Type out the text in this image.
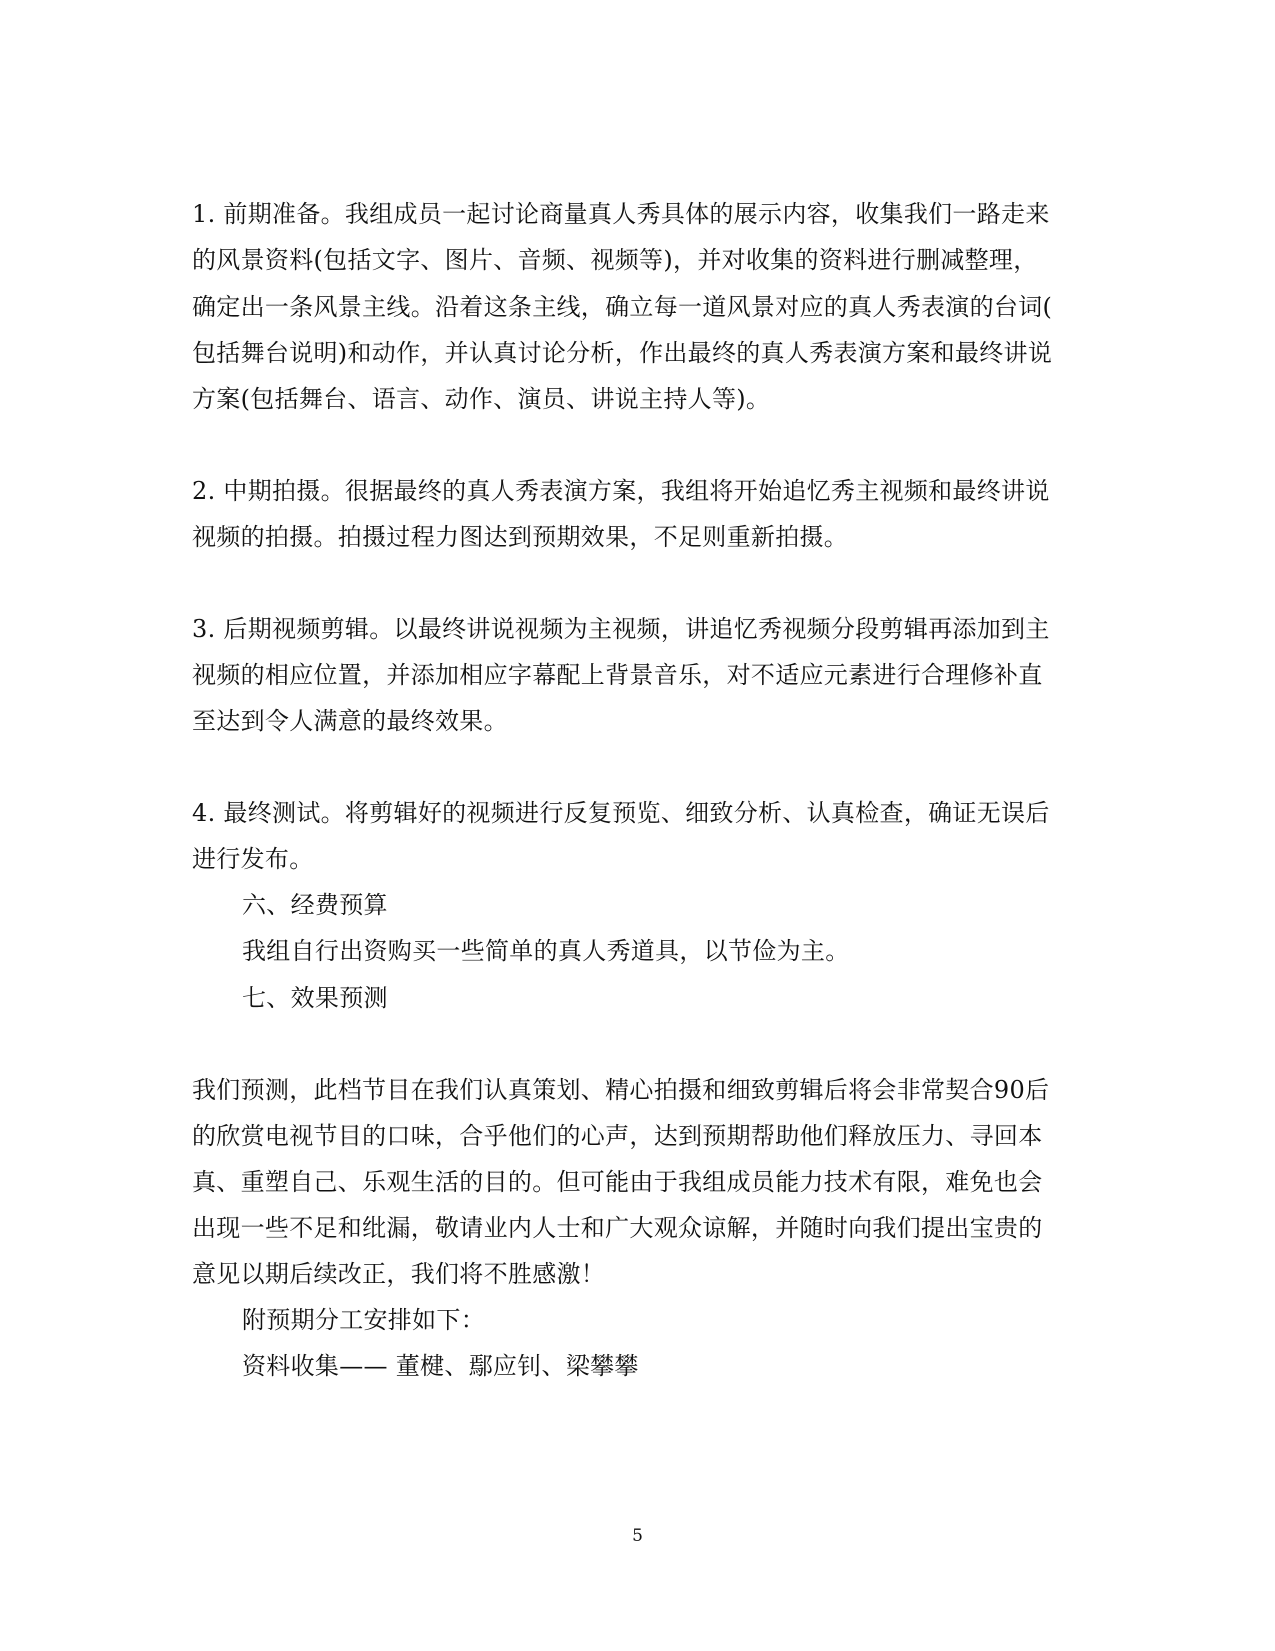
1. 前期准备。我组成员一起讨论商量真人秀具体的展示内容，收集我们一路走来
的风景资料(包括文字、图片、音频、视频等)，并对收集的资料进行删减整理，
确定出一条风景主线。沿着这条主线，确立每一道风景对应的真人秀表演的台词(
包括舞台说明)和动作，并认真讨论分析，作出最终的真人秀表演方案和最终讲说
方案(包括舞台、语言、动作、演员、讲说主持人等)。
2. 中期拍摄。很据最终的真人秀表演方案，我组将开始追忆秀主视频和最终讲说
视频的拍摄。拍摄过程力图达到预期效果，不足则重新拍摄。
3. 后期视频剪辑。以最终讲说视频为主视频，讲追忆秀视频分段剪辑再添加到主
视频的相应位置，并添加相应字幕配上背景音乐，对不适应元素进行合理修补直
至达到令人满意的最终效果。
4. 最终测试。将剪辑好的视频进行反复预览、细致分析、认真检查，确证无误后
进行发布。
六、经费预算
我组自行出资购买一些简单的真人秀道具，以节俭为主。
七、效果预测
我们预测，此档节目在我们认真策划、精心拍摄和细致剪辑后将会非常契合90后
的欣赏电视节目的口味，合乎他们的心声，达到预期帮助他们释放压力、寻回本
真、重塑自己、乐观生活的目的。但可能由于我组成员能力技术有限，难免也会
出现一些不足和纰漏，敬请业内人士和广大观众谅解，并随时向我们提出宝贵的
意见以期后续改正，我们将不胜感激！
附预期分工安排如下：
资料收集—— 董楗、鄢应钊、梁攀攀
5
